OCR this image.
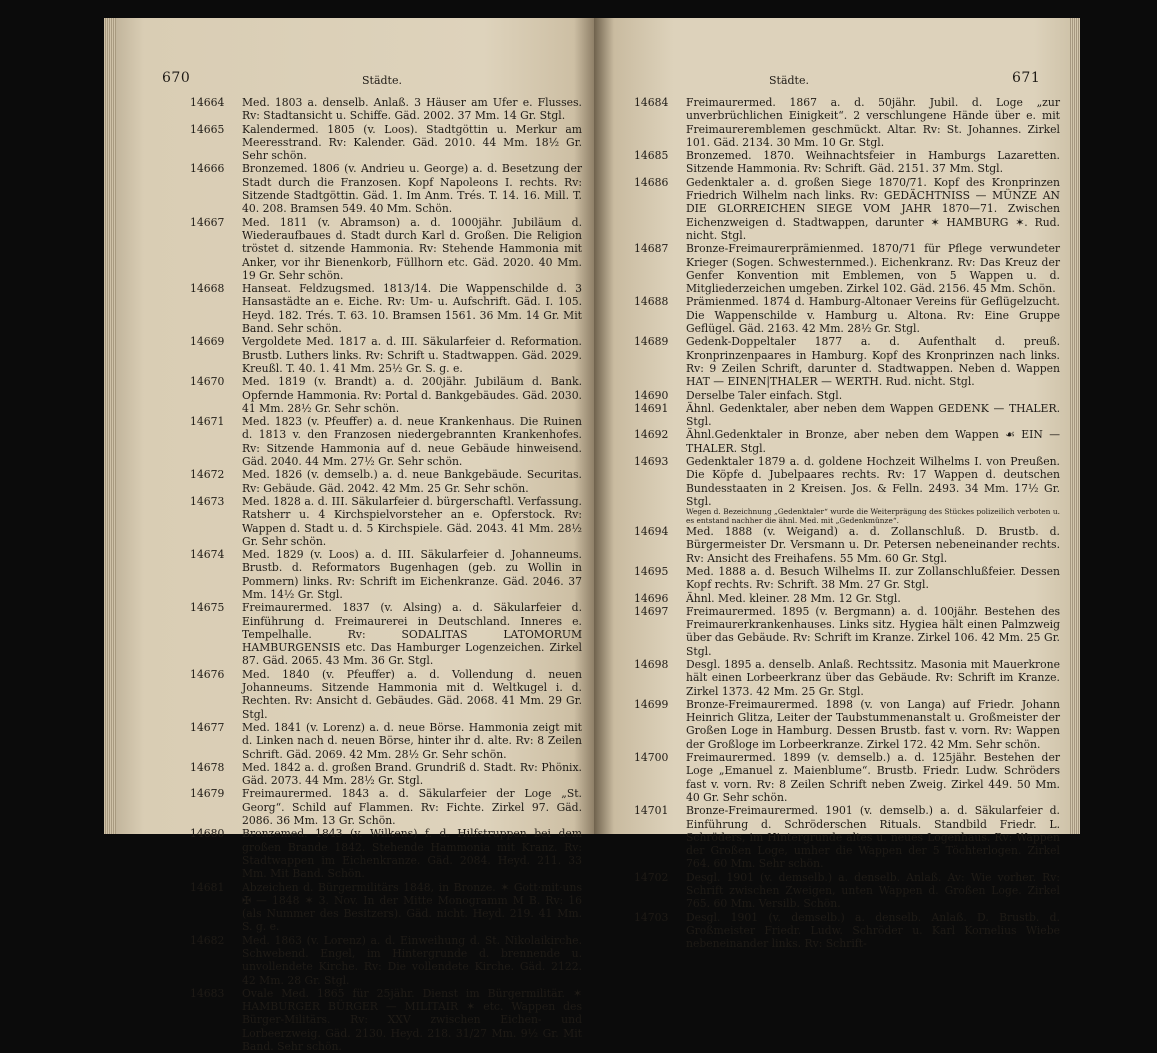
670	Städte.
14664	Med. 1803 a. denselb. Anlaß. 3 Häuser am Ufer e. Flusses. Rv: Stadtansicht u. Schiffe. Gäd. 2002. 37 Mm. 14 Gr. Stgl.
14665	Kalendermed. 1805 (v. Loos). Stadtgöttin u. Merkur am Meeresstrand. Rv: Kalender. Gäd. 2010. 44 Mm. 18½ Gr. Sehr schön.
14666	Bronzemed. 1806 (v. Andrieu u. George) a. d. Besetzung der Stadt durch die Franzosen. Kopf Napoleons I. rechts. Rv: Sitzende Stadtgöttin. Gäd. 1. Im Anm. Trés. T. 14. 16. Mill. T. 40. 208. Bramsen 549. 40 Mm. Schön.
14667	Med. 1811 (v. Abramson) a. d. 1000jähr. Jubiläum d. Wiederaufbaues d. Stadt durch Karl d. Großen. Die Religion tröstet d. sitzende Hammonia. Rv: Stehende Hammonia mit Anker, vor ihr Bienenkorb, Füllhorn etc. Gäd. 2020. 40 Mm. 19 Gr. Sehr schön.
14668	Hanseat. Feldzugsmed. 1813/14. Die Wappenschilde d. 3 Hansastädte an e. Eiche. Rv: Um- u. Aufschrift. Gäd. I. 105. Heyd. 182. Trés. T. 63. 10. Bramsen 1561. 36 Mm. 14 Gr. Mit Band. Sehr schön.
14669	Vergoldete Med. 1817 a. d. III. Säkularfeier d. Reformation. Brustb. Luthers links. Rv: Schrift u. Stadtwappen. Gäd. 2029. Kreußl. T. 40. 1. 41 Mm. 25½ Gr. S. g. e.
14670	Med. 1819 (v. Brandt) a. d. 200jähr. Jubiläum d. Bank. Opfernde Hammonia. Rv: Portal d. Bankgebäudes. Gäd. 2030. 41 Mm. 28½ Gr. Sehr schön.
14671	Med. 1823 (v. Pfeuffer) a. d. neue Krankenhaus. Die Ruinen d. 1813 v. den Franzosen niedergebrannten Krankenhofes. Rv: Sitzende Hammonia auf d. neue Gebäude hinweisend. Gäd. 2040. 44 Mm. 27½ Gr. Sehr schön.
14672	Med. 1826 (v. demselb.) a. d. neue Bankgebäude. Securitas. Rv: Gebäude. Gäd. 2042. 42 Mm. 25 Gr. Sehr schön.
14673	Med. 1828 a. d. III. Säkularfeier d. bürgerschaftl. Verfassung. Ratsherr u. 4 Kirchspielvorsteher an e. Opferstock. Rv: Wappen d. Stadt u. d. 5 Kirchspiele. Gäd. 2043. 41 Mm. 28½ Gr. Sehr schön.
14674	Med. 1829 (v. Loos) a. d. III. Säkularfeier d. Johanneums. Brustb. d. Reformators Bugenhagen (geb. zu Wollin in Pommern) links. Rv: Schrift im Eichenkranze. Gäd. 2046. 37 Mm. 14½ Gr. Stgl.
14675	Freimaurermed. 1837 (v. Alsing) a. d. Säkularfeier d. Einführung d. Freimaurerei in Deutschland. Inneres e. Tempelhalle. Rv: SODALITAS LATOMORUM HAMBURGENSIS etc. Das Hamburger Logenzeichen. Zirkel 87. Gäd. 2065. 43 Mm. 36 Gr. Stgl.
14676	Med. 1840 (v. Pfeuffer) a. d. Vollendung d. neuen Johanneums. Sitzende Hammonia mit d. Weltkugel i. d. Rechten. Rv: Ansicht d. Gebäudes. Gäd. 2068. 41 Mm. 29 Gr. Stgl.
14677	Med. 1841 (v. Lorenz) a. d. neue Börse. Hammonia zeigt mit d. Linken nach d. neuen Börse, hinter ihr d. alte. Rv: 8 Zeilen Schrift. Gäd. 2069. 42 Mm. 28½ Gr. Sehr schön.
14678	Med. 1842 a. d. großen Brand. Grundriß d. Stadt. Rv: Phönix. Gäd. 2073. 44 Mm. 28½ Gr. Stgl.
14679	Freimaurermed. 1843 a. d. Säkularfeier der Loge „St. Georg“. Schild auf Flammen. Rv: Fichte. Zirkel 97. Gäd. 2086. 36 Mm. 13 Gr. Schön.
14680	Bronzemed. 1843 (v. Wilkens) f. d. Hilfstruppen bei dem großen Brande 1842. Stehende Hammonia mit Kranz. Rv: Stadtwappen im Eichenkranze. Gäd. 2084. Heyd. 211. 33 Mm. Mit Band. Schön.
14681	Abzeichen d. Bürgermilitärs 1848, in Bronze. ✶ Gott·mit·uns ✠ — 1848 ✶ 3. Nov. In der Mitte Monogramm M B. Rv: 16 (als Nummer des Besitzers). Gäd. nicht. Heyd. 219. 41 Mm. S. g. e.
14682	Med. 1863 (v. Lorenz) a. d. Einweihung d. St. Nikolaikirche. Schwebend. Engel, im Hintergrunde d. brennende u. unvollendete Kirche. Rv: Die vollendete Kirche. Gäd. 2122. 42 Mm. 28 Gr. Stgl.
14683	Ovale Med. 1865 für 25jähr. Dienst im Bürgermilitär. ✶ HAMBURGER BÜRGER — MILITAIR ✶ etc. Wappen des Bürger-Militärs. Rv: XXV zwischen Eichen- und Lorbeerzweig. Gäd. 2130. Heyd. 218. 31/27 Mm. 9½ Gr. Mit Band. Sehr schön.
Städte.	671
14684	Freimaurermed. 1867 a. d. 50jähr. Jubil. d. Loge „zur unverbrüchlichen Einigkeit“. 2 verschlungene Hände über e. mit Freimaureremblemen geschmückt. Altar. Rv: St. Johannes. Zirkel 101. Gäd. 2134. 30 Mm. 10 Gr. Stgl.
14685	Bronzemed. 1870. Weihnachtsfeier in Hamburgs Lazaretten. Sitzende Hammonia. Rv: Schrift. Gäd. 2151. 37 Mm. Stgl.
14686	Gedenktaler a. d. großen Siege 1870/71. Kopf des Kronprinzen Friedrich Wilhelm nach links. Rv: GEDÄCHTNISS — MÜNZE AN DIE GLORREICHEN SIEGE VOM JAHR 1870—71. Zwischen Eichenzweigen d. Stadtwappen, darunter ✶ HAMBURG ✶. Rud. nicht. Stgl.
14687	Bronze-Freimaurerprämienmed. 1870/71 für Pflege verwundeter Krieger (Sogen. Schwesternmed.). Eichenkranz. Rv: Das Kreuz der Genfer Konvention mit Emblemen, von 5 Wappen u. d. Mitgliederzeichen umgeben. Zirkel 102. Gäd. 2156. 45 Mm. Schön.
14688	Prämienmed. 1874 d. Hamburg-Altonaer Vereins für Geflügelzucht. Die Wappenschilde v. Hamburg u. Altona. Rv: Eine Gruppe Geflügel. Gäd. 2163. 42 Mm. 28½ Gr. Stgl.
14689	Gedenk-Doppeltaler 1877 a. d. Aufenthalt d. preuß. Kronprinzenpaares in Hamburg. Kopf des Kronprinzen nach links. Rv: 9 Zeilen Schrift, darunter d. Stadtwappen. Neben d. Wappen HAT — EINEN|THALER — WERTH. Rud. nicht. Stgl.
14690	Derselbe Taler einfach. Stgl.
14691	Ähnl. Gedenktaler, aber neben dem Wappen GEDENK — THALER. Stgl.
14692	Ähnl.Gedenktaler in Bronze, aber neben dem Wappen ☙ EIN — THALER. Stgl.
14693	Gedenktaler 1879 a. d. goldene Hochzeit Wilhelms I. von Preußen. Die Köpfe d. Jubelpaares rechts. Rv: 17 Wappen d. deutschen Bundesstaaten in 2 Kreisen. Jos. & Felln. 2493. 34 Mm. 17½ Gr. Stgl.
Wegen d. Bezeichnung „Gedenktaler“ wurde die Weiterprägung des Stückes polizeilich verboten u. es entstand nachher die ähnl. Med. mit „Gedenkmünze“.
14694	Med. 1888 (v. Weigand) a. d. Zollanschluß. D. Brustb. d. Bürgermeister Dr. Versmann u. Dr. Petersen nebeneinander rechts. Rv: Ansicht des Freihafens. 55 Mm. 60 Gr. Stgl.
14695	Med. 1888 a. d. Besuch Wilhelms II. zur Zollanschlußfeier. Dessen Kopf rechts. Rv: Schrift. 38 Mm. 27 Gr. Stgl.
14696	Ähnl. Med. kleiner. 28 Mm. 12 Gr. Stgl.
14697	Freimaurermed. 1895 (v. Bergmann) a. d. 100jähr. Bestehen des Freimaurerkrankenhauses. Links sitz. Hygiea hält einen Palmzweig über das Gebäude. Rv: Schrift im Kranze. Zirkel 106. 42 Mm. 25 Gr. Stgl.
14698	Desgl. 1895 a. denselb. Anlaß. Rechtssitz. Masonia mit Mauerkrone hält einen Lorbeerkranz über das Gebäude. Rv: Schrift im Kranze. Zirkel 1373. 42 Mm. 25 Gr. Stgl.
14699	Bronze-Freimaurermed. 1898 (v. von Langa) auf Friedr. Johann Heinrich Glitza, Leiter der Taubstummenanstalt u. Großmeister der Großen Loge in Hamburg. Dessen Brustb. fast v. vorn. Rv: Wappen der Großloge im Lorbeerkranze. Zirkel 172. 42 Mm. Sehr schön.
14700	Freimaurermed. 1899 (v. demselb.) a. d. 125jähr. Bestehen der Loge „Emanuel z. Maienblume“. Brustb. Friedr. Ludw. Schröders fast v. vorn. Rv: 8 Zeilen Schrift neben Zweig. Zirkel 449. 50 Mm. 40 Gr. Sehr schön.
14701	Bronze-Freimaurermed. 1901 (v. demselb.) a. d. Säkularfeier d. Einführung d. Schröderschen Rituals. Standbild Friedr. L. Schröders, im Hintergrunde altes u. neues Logenhaus. Rv: Wappen der Großen Loge, umher die Wappen der 5 Töchterlogen. Zirkel 764. 60 Mm. Sehr schön.
14702	Desgl. 1901 (v. demselb.) a. denselb. Anlaß. Av: Wie vorher. Rv: Schrift zwischen Zweigen, unten Wappen d. Großen Loge. Zirkel 765. 60 Mm. Versilb. Schön.
14703	Desgl. 1901 (v. demselb.) a. denselb. Anlaß. D. Brustb. d. Großmeister Friedr. Ludw. Schröder u. Karl Kornelius Wiebe nebeneinander links. Rv: Schrift-
